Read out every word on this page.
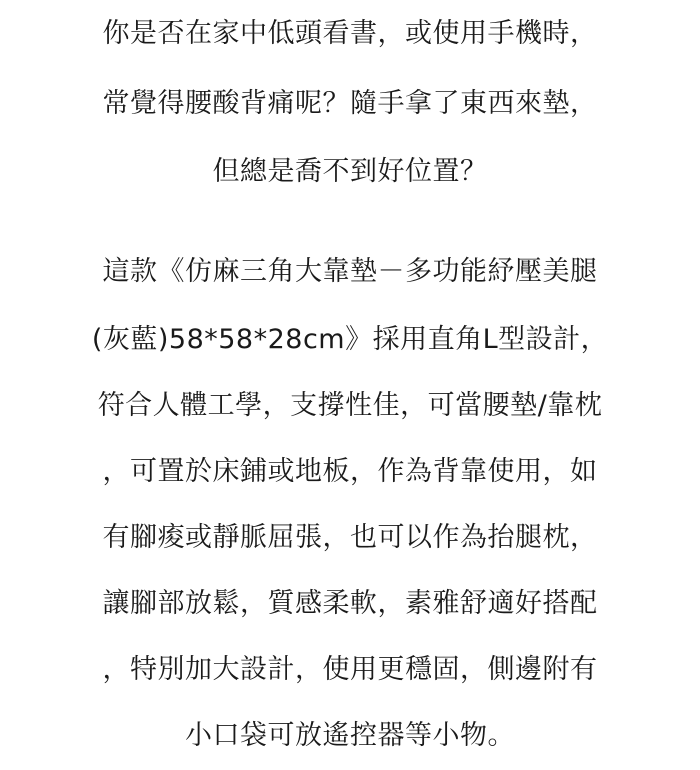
你是否在家中低頭看書，或使用手機時，
常覺得腰酸背痛呢？隨手拿了東西來墊，
但總是喬不到好位置？
這款《仿麻三角大靠墊－多功能紓壓美腿
(灰藍)58*58*28cm》採用直角L型設計，
符合人體工學，支撐性佳，可當腰墊/靠枕
，可置於床鋪或地板，作為背靠使用，如
有腳痠或靜脈屈張，也可以作為抬腿枕，
讓腳部放鬆，質感柔軟，素雅舒適好搭配
，特別加大設計，使用更穩固，側邊附有
小口袋可放遙控器等小物。
